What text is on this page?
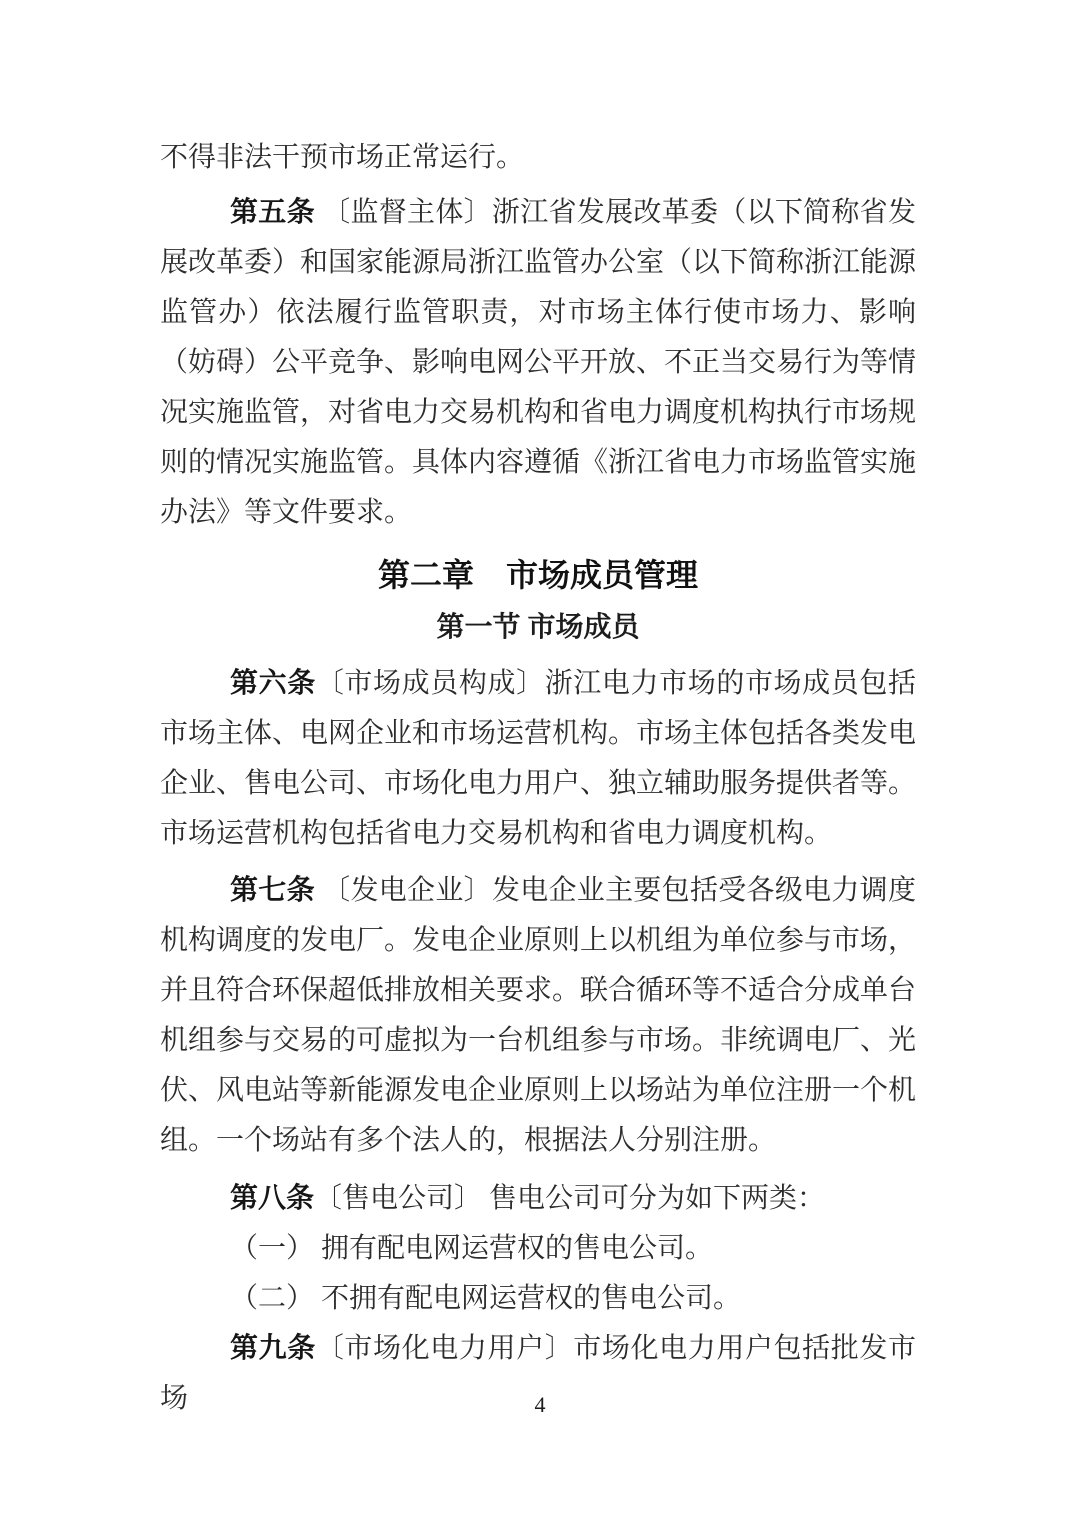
不得非法干预市场正常运行。

第五条 〔监督主体〕浙江省发展改革委（以下简称省发展改革委）和国家能源局浙江监管办公室（以下简称浙江能源监管办）依法履行监管职责，对市场主体行使市场力、影响（妨碍）公平竞争、影响电网公平开放、不正当交易行为等情况实施监管，对省电力交易机构和省电力调度机构执行市场规则的情况实施监管。具体内容遵循《浙江省电力市场监管实施办法》等文件要求。

第二章　市场成员管理
第一节 市场成员

第六条〔市场成员构成〕浙江电力市场的市场成员包括市场主体、电网企业和市场运营机构。市场主体包括各类发电企业、售电公司、市场化电力用户、独立辅助服务提供者等。市场运营机构包括省电力交易机构和省电力调度机构。

第七条 〔发电企业〕发电企业主要包括受各级电力调度机构调度的发电厂。发电企业原则上以机组为单位参与市场，并且符合环保超低排放相关要求。联合循环等不适合分成单台机组参与交易的可虚拟为一台机组参与市场。非统调电厂、光伏、风电站等新能源发电企业原则上以场站为单位注册一个机组。一个场站有多个法人的，根据法人分别注册。

第八条〔售电公司〕 售电公司可分为如下两类：

（一） 拥有配电网运营权的售电公司。

（二） 不拥有配电网运营权的售电公司。

第九条〔市场化电力用户〕市场化电力用户包括批发市场	4
